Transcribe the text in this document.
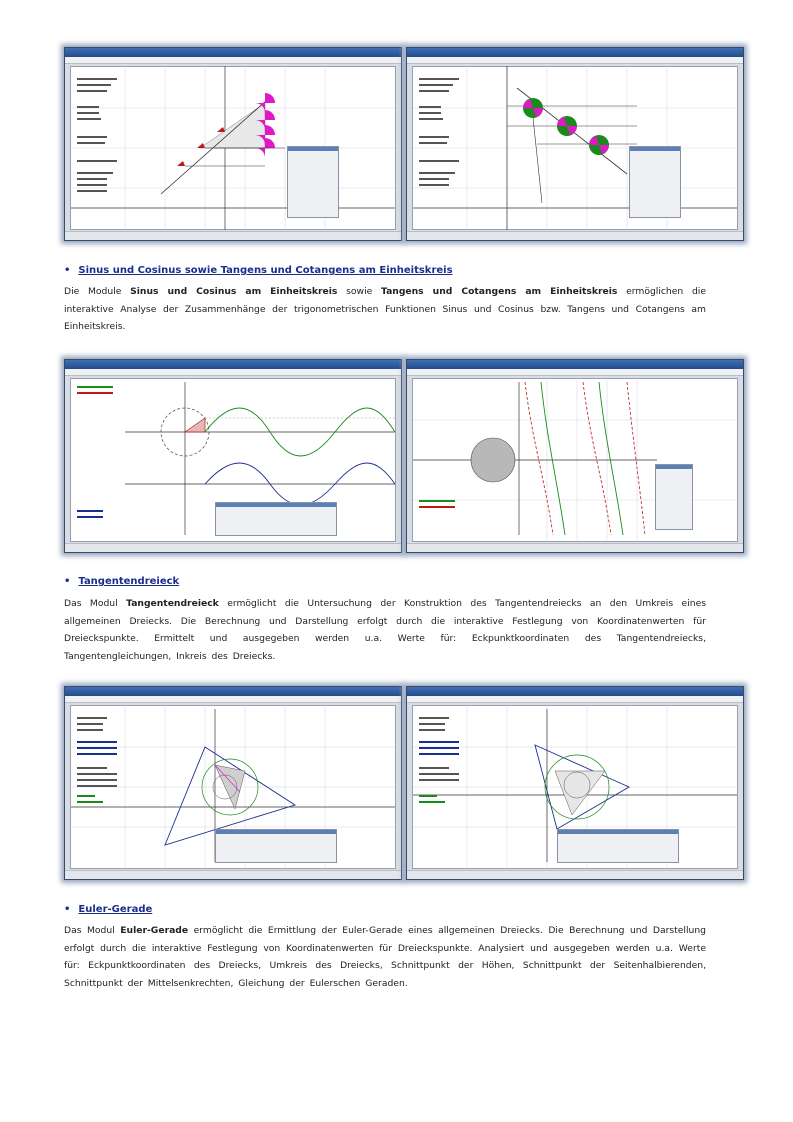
• Sinus und Cosinus sowie Tangens und Cotangens am Einheitskreis

Die Module Sinus und Cosinus am Einheitskreis sowie Tangens und Cotangens am Einheitskreis ermöglichen die interaktive Analyse der Zusammenhänge der trigonometrischen Funktionen Sinus und Cosinus bzw. Tangens und Cotangens am Einheitskreis.

• Tangentendreieck

Das Modul Tangentendreieck ermöglicht die Untersuchung der Konstruktion des Tangentendreiecks an den Umkreis eines allgemeinen Dreiecks. Die Berechnung und Darstellung erfolgt durch die interaktive Festlegung von Koordinatenwerten für Dreieckspunkte. Ermittelt und ausgegeben werden u.a. Werte für: Eckpunktkoordinaten des Tangentendreiecks, Tangentengleichungen, Inkreis des Dreiecks.

• Euler-Gerade

Das Modul Euler-Gerade ermöglicht die Ermittlung der Euler-Gerade eines allgemeinen Dreiecks. Die Berechnung und Darstellung erfolgt durch die interaktive Festlegung von Koordinatenwerten für Dreieckspunkte. Analysiert und ausgegeben werden u.a. Werte für: Eckpunktkoordinaten des Dreiecks, Umkreis des Dreiecks, Schnittpunkt der Höhen, Schnittpunkt der Seitenhalbierenden, Schnittpunkt der Mittelsenkrechten, Gleichung der Eulerschen Geraden.
